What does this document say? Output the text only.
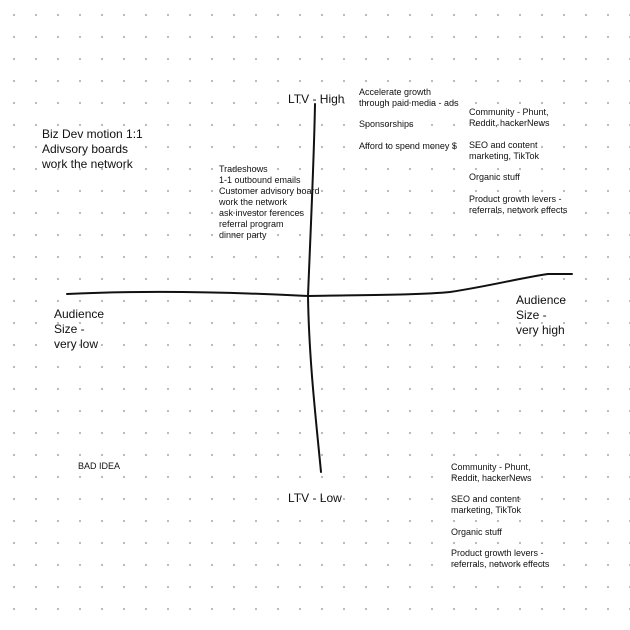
LTV - High
LTV - Low
Audience
Size -
very low
Audience
Size -
very high
Biz Dev motion 1:1
Adivsory boards
work the network	Tradeshows
1-1 outbound emails
Customer advisory board
work the network
ask investor ferences
referral program
dinner party
Accelerate growth
through paid media - ads
Sponsorships
Afford to spend money $
Community - Phunt,
Reddit, hackerNews
SEO and content
marketing, TikTok
Organic stuff
Product growth levers -
referrals, network effects
BAD IDEA	Community - Phunt,
Reddit, hackerNews
SEO and content
marketing, TikTok
Organic stuff
Product growth levers -
referrals, network effects
